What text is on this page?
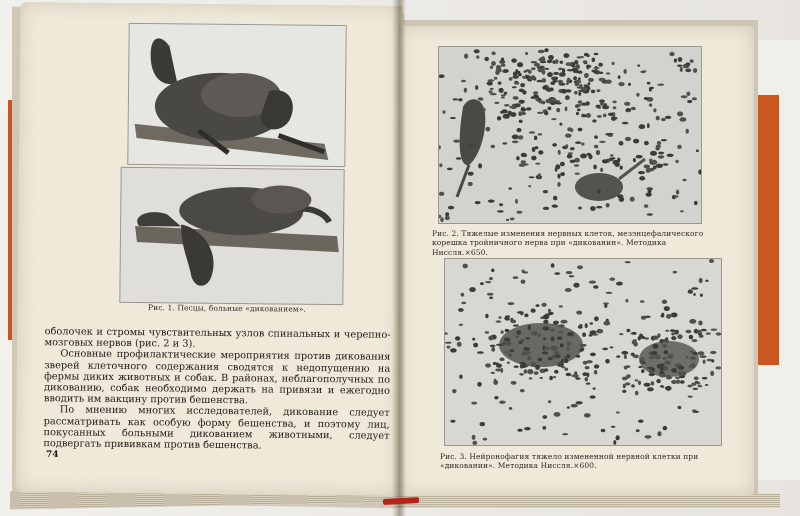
Рис. 1. Песцы, больные «дикованием».

оболочек и стромы чувствительных узлов спинальных и черепно-мозговых нервов (рис. 2 и 3).

Основные профилактические мероприятия против дикования зверей клеточного содержания сводятся к недопущению на фермы диких животных и собак. В районах, неблагополучных по дикованию, собак необходимо держать на привязи и ежегодно вводить им вакцину против бешенства.

По мнению многих исследователей, дикование следует рассматривать как особую форму бешенства, и поэтому лиц, покусанных больными дикованием животными, следует подвергать прививкам против бешенства.

74
Рис. 2. Тяжелые изменения нервных клеток, мезэнцефалического корешка тройничного нерва при «дикованин». Методика Ниссля.×650.
Рис. 3. Нейронофагия тяжело измененной нервной клетки при «диковании». Методика Ниссля.×600.
